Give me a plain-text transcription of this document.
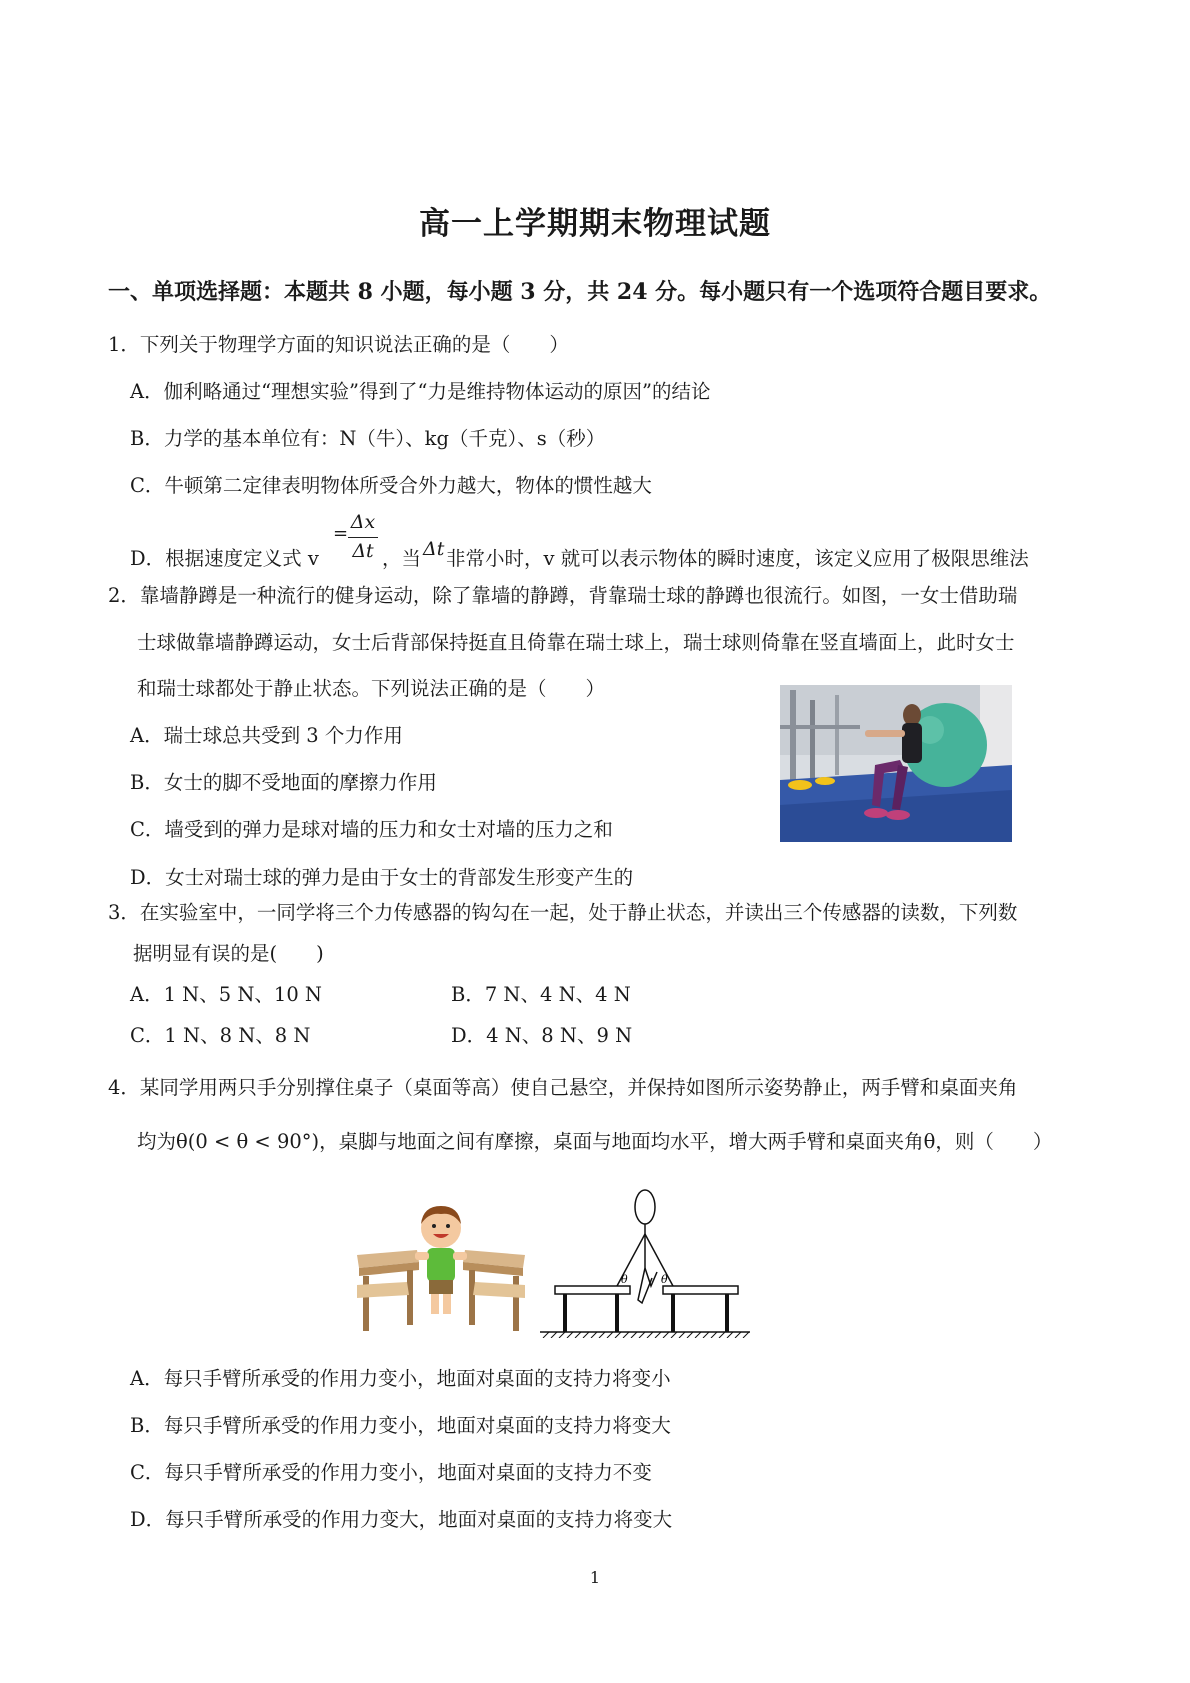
高一上学期期末物理试题
一、单项选择题：本题共 8 小题，每小题 3 分，共 24 分。每小题只有一个选项符合题目要求。
1．下列关于物理学方面的知识说法正确的是（　　）
A．伽利略通过“理想实验”得到了“力是维持物体运动的原因”的结论
B．力学的基本单位有：N（牛）、kg（千克）、s（秒）
C．牛顿第二定律表明物体所受合外力越大，物体的惯性越大
D．根据速度定义式 v
=
Δx
Δt ，当 Δt 非常小时，v 就可以表示物体的瞬时速度，该定义应用了极限思维法
2．靠墙静蹲是一种流行的健身运动，除了靠墙的静蹲，背靠瑞士球的静蹲也很流行。如图，一女士借助瑞
士球做靠墙静蹲运动，女士后背部保持挺直且倚靠在瑞士球上，瑞士球则倚靠在竖直墙面上，此时女士
和瑞士球都处于静止状态。下列说法正确的是（　　）
A．瑞士球总共受到 3 个力作用
B．女士的脚不受地面的摩擦力作用
C．墙受到的弹力是球对墙的压力和女士对墙的压力之和
D．女士对瑞士球的弹力是由于女士的背部发生形变产生的
3．在实验室中，一同学将三个力传感器的钩勾在一起，处于静止状态，并读出三个传感器的读数，下列数
据明显有误的是(　　)
A．1 N、5 N、10 N	B．7 N、4 N、4 N
C．1 N、8 N、8 N	D．4 N、8 N、9 N
4．某同学用两只手分别撑住桌子（桌面等高）使自己悬空，并保持如图所示姿势静止，两手臂和桌面夹角
均为θ(0 < θ < 90°)，桌脚与地面之间有摩擦，桌面与地面均水平，增大两手臂和桌面夹角θ，则（　　）
θ	θ
A．每只手臂所承受的作用力变小，地面对桌面的支持力将变小
B．每只手臂所承受的作用力变小，地面对桌面的支持力将变大
C．每只手臂所承受的作用力变小，地面对桌面的支持力不变
D．每只手臂所承受的作用力变大，地面对桌面的支持力将变大
1
